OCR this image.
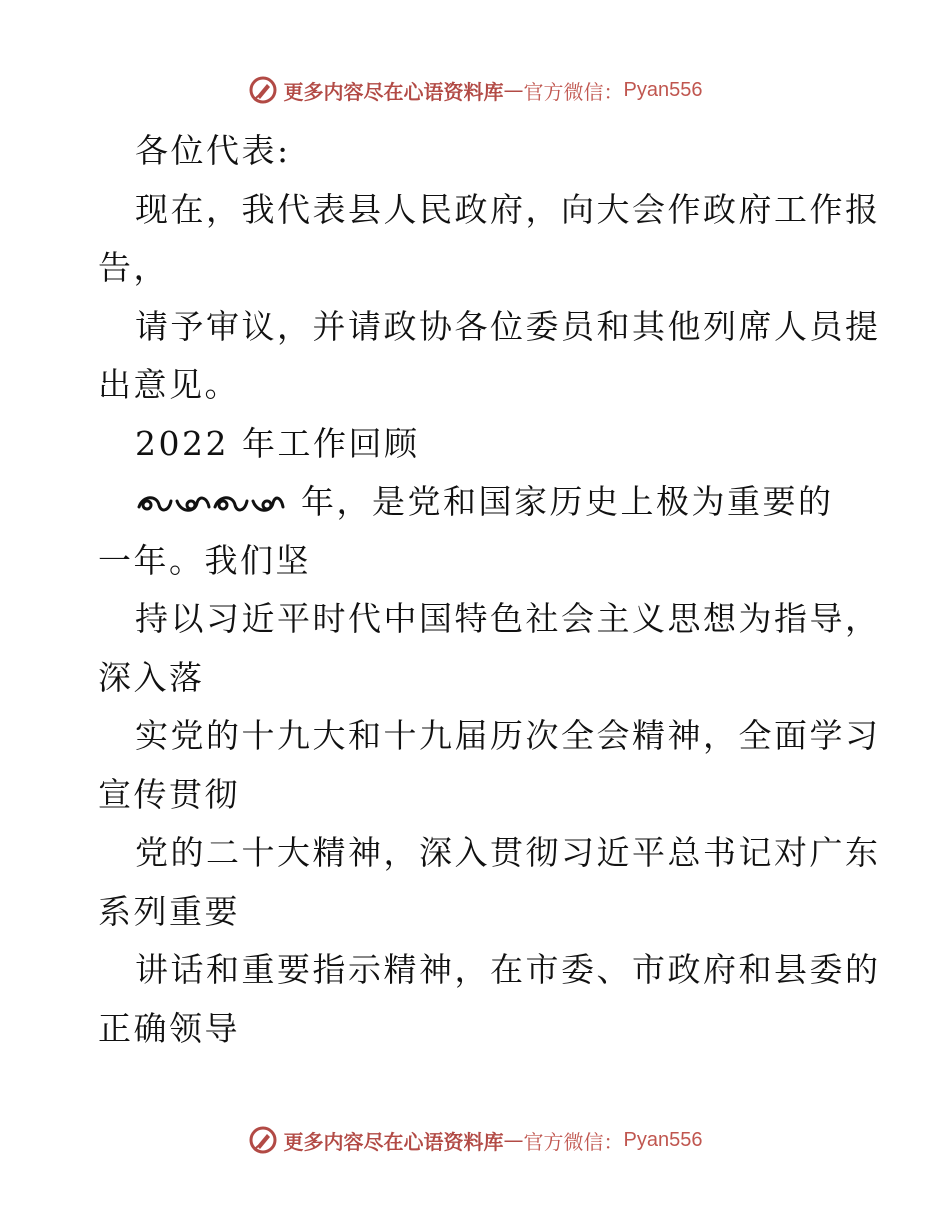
更多内容尽在心语资料库 — 官方微信： Pyan556
各位代表:
现在，我代表县人民政府，向大会作政府工作报
告，
请予审议，并请政协各位委员和其他列席人员提
出意见。
2022 年工作回顾
年，是党和国家历史上极为重要的
一年。我们坚
持以习近平时代中国特色社会主义思想为指导，
深入落
实党的十九大和十九届历次全会精神，全面学习
宣传贯彻
党的二十大精神，深入贯彻习近平总书记对广东
系列重要
讲话和重要指示精神，在市委、市政府和县委的
正确领导
更多内容尽在心语资料库 — 官方微信： Pyan556
